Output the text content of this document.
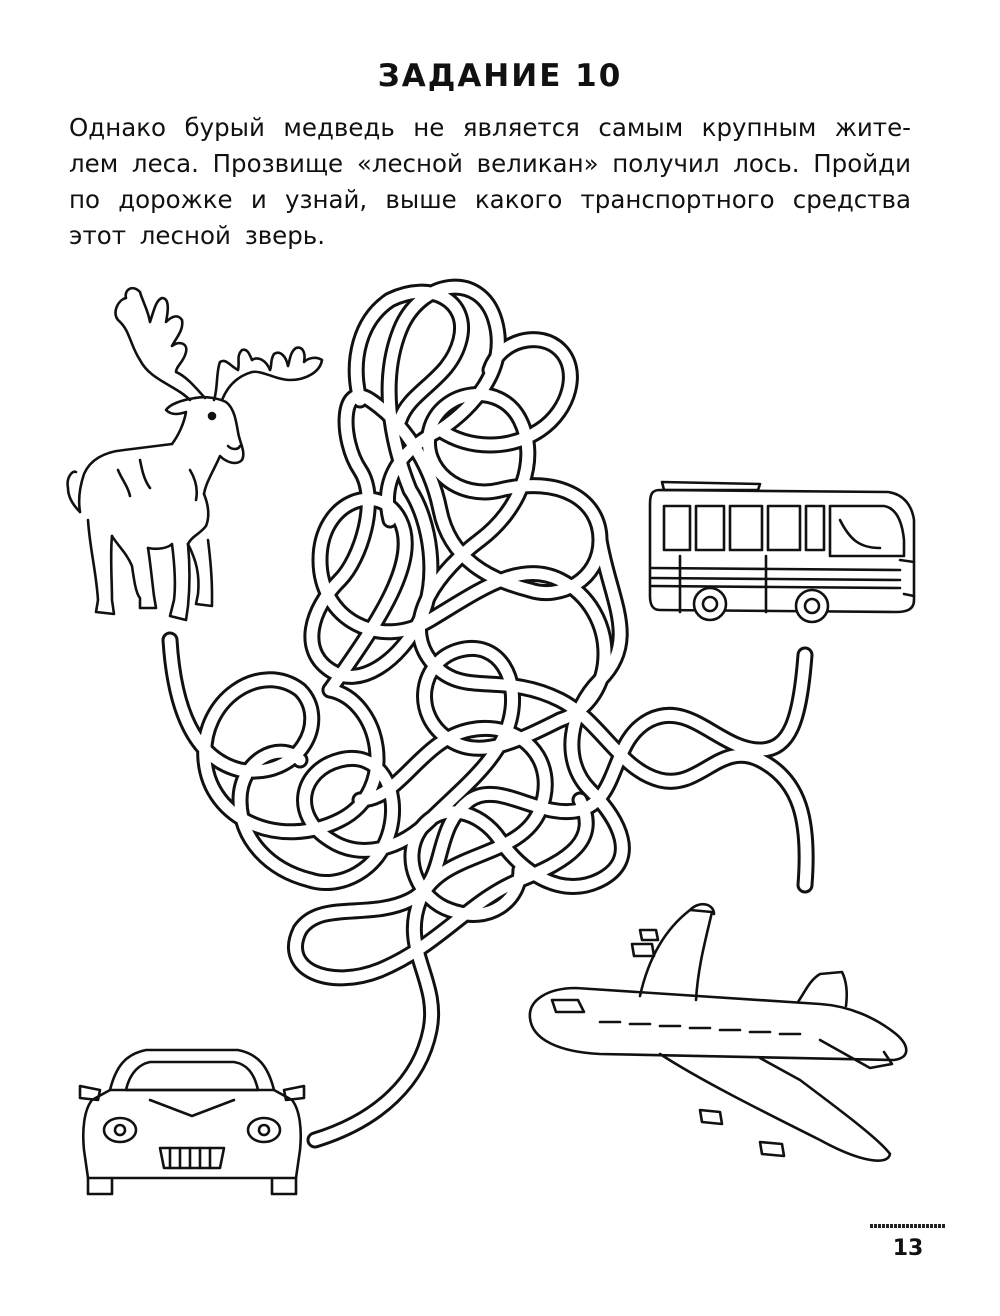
ЗАДАНИЕ 10

Однако бурый медведь не является самым крупным жите-
лем леса. Прозвище «лесной великан» получил лось. Пройди
по дорожке и узнай, выше какого транспортного средства
этот лесной зверь.

13
